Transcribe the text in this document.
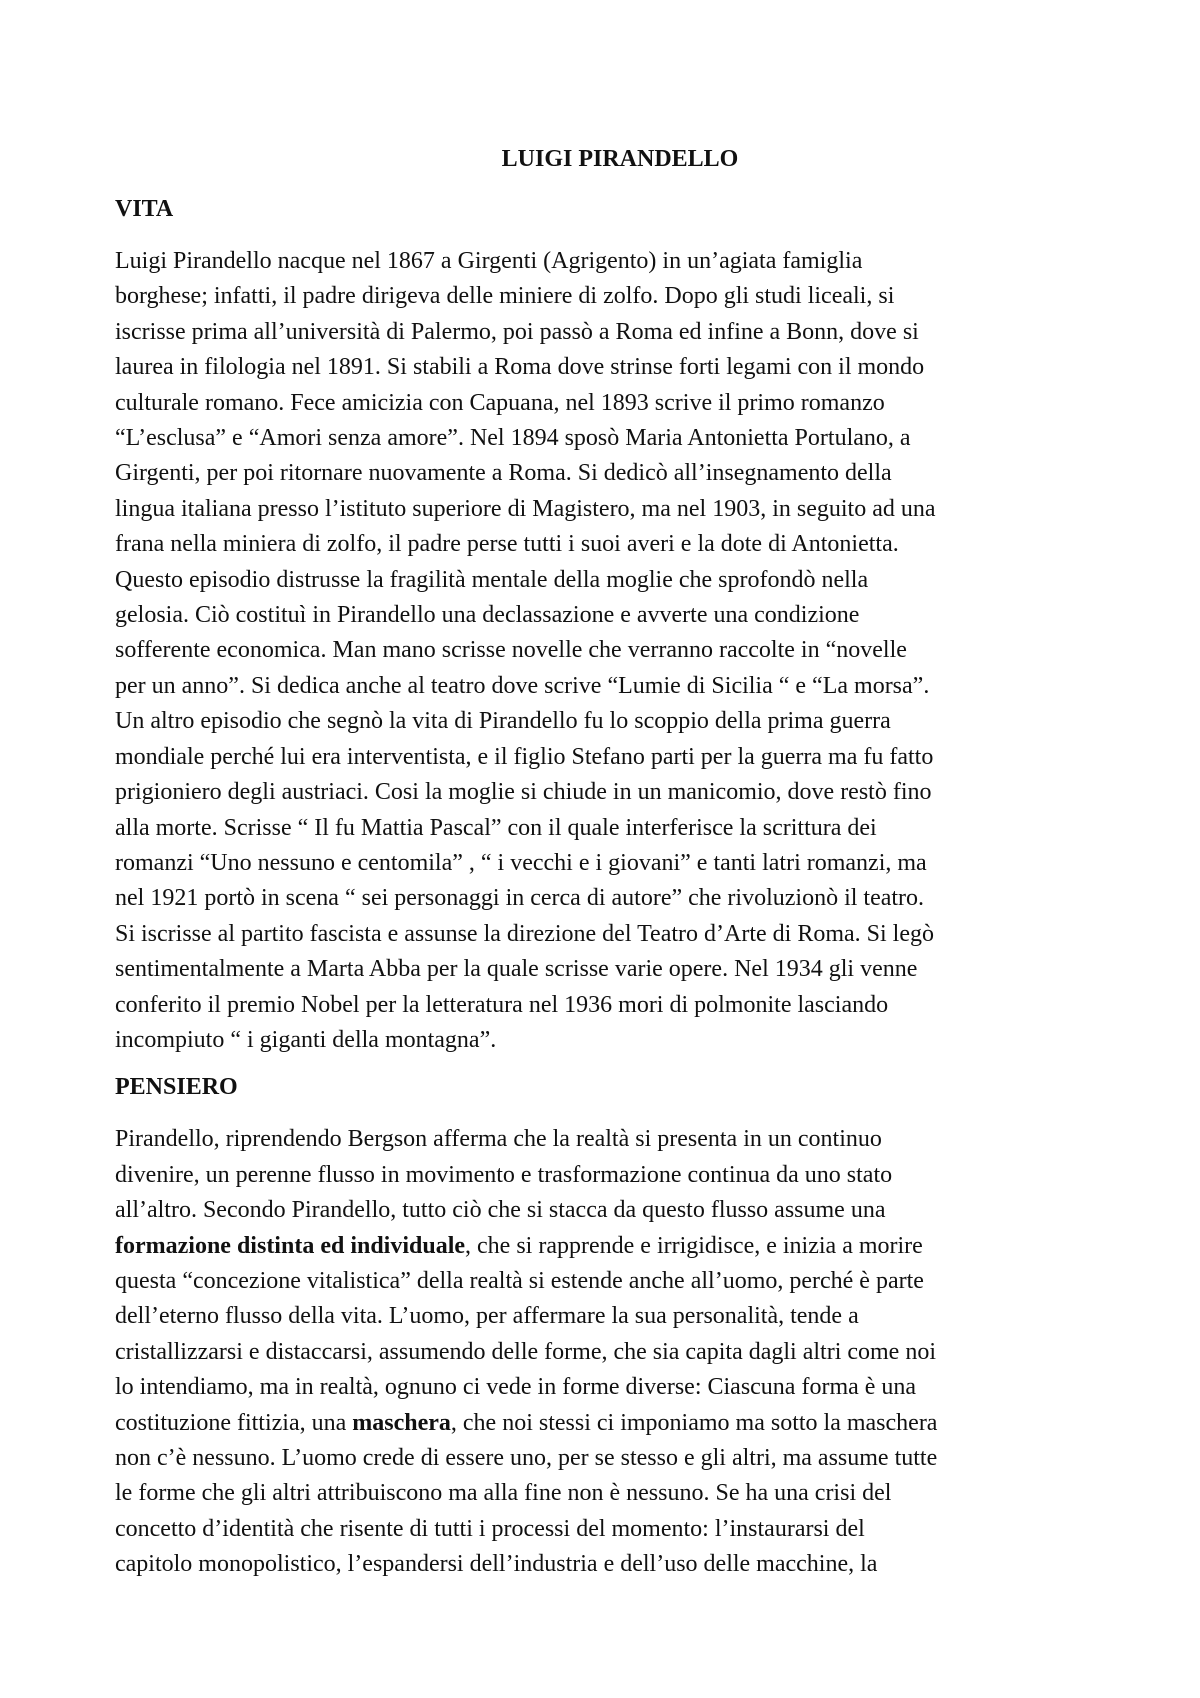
LUIGI PIRANDELLO
VITA
Luigi Pirandello nacque nel 1867 a Girgenti (Agrigento) in un’agiata famiglia
borghese; infatti, il padre dirigeva delle miniere di zolfo. Dopo gli studi liceali, si
iscrisse prima all’università di Palermo, poi passò a Roma ed infine a Bonn, dove si
laurea in filologia nel 1891. Si stabili a Roma dove strinse forti legami con il mondo
culturale romano. Fece amicizia con Capuana, nel 1893 scrive il primo romanzo
“L’esclusa” e “Amori senza amore”. Nel 1894 sposò Maria Antonietta Portulano, a
Girgenti, per poi ritornare nuovamente a Roma. Si dedicò all’insegnamento della
lingua italiana presso l’istituto superiore di Magistero, ma nel 1903, in seguito ad una
frana nella miniera di zolfo, il padre perse tutti i suoi averi e la dote di Antonietta.
Questo episodio distrusse la fragilità mentale della moglie che sprofondò nella
gelosia. Ciò costituì in Pirandello una declassazione e avverte una condizione
sofferente economica. Man mano scrisse novelle che verranno raccolte in “novelle
per un anno”. Si dedica anche al teatro dove scrive “Lumie di Sicilia “ e “La morsa”.
Un altro episodio che segnò la vita di Pirandello fu lo scoppio della prima guerra
mondiale perché lui era interventista, e il figlio Stefano parti per la guerra ma fu fatto
prigioniero degli austriaci. Cosi la moglie si chiude in un manicomio, dove restò fino
alla morte. Scrisse “ Il fu Mattia Pascal” con il quale interferisce la scrittura dei
romanzi “Uno nessuno e centomila” , “ i vecchi e i giovani” e tanti latri romanzi, ma
nel 1921 portò in scena “ sei personaggi in cerca di autore” che rivoluzionò il teatro.
Si iscrisse al partito fascista e assunse la direzione del Teatro d’Arte di Roma. Si legò
sentimentalmente a Marta Abba per la quale scrisse varie opere. Nel 1934 gli venne
conferito il premio Nobel per la letteratura nel 1936 mori di polmonite lasciando
incompiuto “ i giganti della montagna”.
PENSIERO
Pirandello, riprendendo Bergson afferma che la realtà si presenta in un continuo
divenire, un perenne flusso in movimento e trasformazione continua da uno stato
all’altro. Secondo Pirandello, tutto ciò che si stacca da questo flusso assume una
formazione distinta ed individuale, che si rapprende e irrigidisce, e inizia a morire
questa “concezione vitalistica” della realtà si estende anche all’uomo, perché è parte
dell’eterno flusso della vita. L’uomo, per affermare la sua personalità, tende a
cristallizzarsi e distaccarsi, assumendo delle forme, che sia capita dagli altri come noi
lo intendiamo, ma in realtà, ognuno ci vede in forme diverse: Ciascuna forma è una
costituzione fittizia, una maschera, che noi stessi ci imponiamo ma sotto la maschera
non c’è nessuno. L’uomo crede di essere uno, per se stesso e gli altri, ma assume tutte
le forme che gli altri attribuiscono ma alla fine non è nessuno. Se ha una crisi del
concetto d’identità che risente di tutti i processi del momento: l’instaurarsi del
capitolo monopolistico, l’espandersi dell’industria e dell’uso delle macchine, la
